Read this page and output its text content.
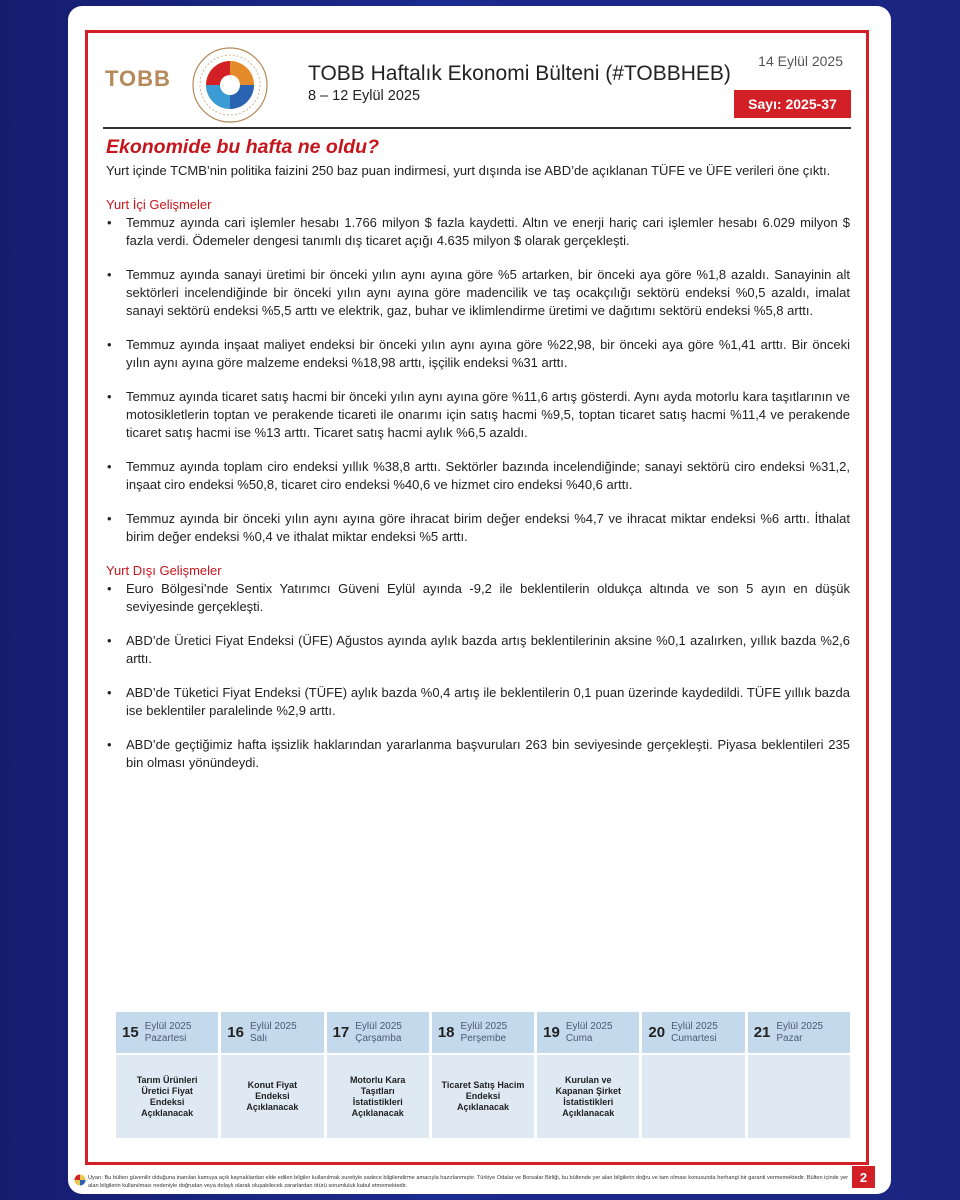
TOBB	TOBB Haftalık Ekonomi Bülteni (#TOBBHEB)
8 – 12 Eylül 2025
14 Eylül 2025
Sayı: 2025-37
Ekonomide bu hafta ne oldu?

Yurt içinde TCMB’nin politika faizini 250 baz puan indirmesi, yurt dışında ise ABD’de açıklanan TÜFE ve ÜFE verileri öne çıktı.

Yurt İçi Gelişmeler
• Temmuz ayında cari işlemler hesabı 1.766 milyon $ fazla kaydetti. Altın ve enerji hariç cari işlemler hesabı 6.029 milyon $ fazla verdi. Ödemeler dengesi tanımlı dış ticaret açığı 4.635 milyon $ olarak gerçekleşti.
• Temmuz ayında sanayi üretimi bir önceki yılın aynı ayına göre %5 artarken, bir önceki aya göre %1,8 azaldı. Sanayinin alt sektörleri incelendiğinde bir önceki yılın aynı ayına göre madencilik ve taş ocakçılığı sektörü endeksi %0,5 azaldı, imalat sanayi sektörü endeksi %5,5 arttı ve elektrik, gaz, buhar ve iklimlendirme üretimi ve dağıtımı sektörü endeksi %5,8 arttı.
• Temmuz ayında inşaat maliyet endeksi bir önceki yılın aynı ayına göre %22,98, bir önceki aya göre %1,41 arttı. Bir önceki yılın aynı ayına göre malzeme endeksi %18,98 arttı, işçilik endeksi %31 arttı.
• Temmuz ayında ticaret satış hacmi bir önceki yılın aynı ayına göre %11,6 artış gösterdi. Aynı ayda motorlu kara taşıtlarının ve motosikletlerin toptan ve perakende ticareti ile onarımı için satış hacmi %9,5, toptan ticaret satış hacmi %11,4 ve perakende ticaret satış hacmi ise %13 arttı. Ticaret satış hacmi aylık %6,5 azaldı.
• Temmuz ayında toplam ciro endeksi yıllık %38,8 arttı. Sektörler bazında incelendiğinde; sanayi sektörü ciro endeksi %31,2, inşaat ciro endeksi %50,8, ticaret ciro endeksi %40,6 ve hizmet ciro endeksi %40,6 arttı.
• Temmuz ayında bir önceki yılın aynı ayına göre ihracat birim değer endeksi %4,7 ve ihracat miktar endeksi %6 arttı. İthalat birim değer endeksi %0,4 ve ithalat miktar endeksi %5 arttı.
Yurt Dışı Gelişmeler
• Euro Bölgesi’nde Sentix Yatırımcı Güveni Eylül ayında -9,2 ile beklentilerin oldukça altında ve son 5 ayın en düşük seviyesinde gerçekleşti.
• ABD’de Üretici Fiyat Endeksi (ÜFE) Ağustos ayında aylık bazda artış beklentilerinin aksine %0,1 azalırken, yıllık bazda %2,6 arttı.
• ABD’de Tüketici Fiyat Endeksi (TÜFE) aylık bazda %0,4 artış ile beklentilerin 0,1 puan üzerinde kaydedildi. TÜFE yıllık bazda ise beklentiler paralelinde %2,9 arttı.
• ABD’de geçtiğimiz hafta işsizlik haklarından yararlanma başvuruları 263 bin seviyesinde gerçekleşti. Piyasa beklentileri 235 bin olması yönündeydi.
15 Eylül 2025
Pazartesi
Tarım Ürünleri Üretici Fiyat Endeksi Açıklanacak
16 Eylül 2025
Salı
Konut Fiyat Endeksi Açıklanacak
17 Eylül 2025
Çarşamba
Motorlu Kara Taşıtları İstatistikleri Açıklanacak
18 Eylül 2025
Perşembe
Ticaret Satış Hacim Endeksi Açıklanacak
19 Eylül 2025
Cuma
Kurulan ve Kapanan Şirket İstatistikleri Açıklanacak
20 Eylül 2025
Cumartesi 21 Eylül 2025
Pazar
Uyarı: Bu bülten güvenilir olduğuna inanılan kamuya açık kaynaklardan elde edilen bilgiler kullanılmak suretiyle sadece bilgilendirme amacıyla hazırlanmıştır. Türkiye Odalar ve Borsalar Birliği, bu bültende yer alan bilgilerin doğru ve tam olması konusunda herhangi bir garanti vermemektedir. Bülten içinde yer alan bilgilerin kullanılması nedeniyle doğrudan veya dolaylı olarak oluşabilecek zararlardan ötürü sorumluluk kabul etmemektedir.
2
